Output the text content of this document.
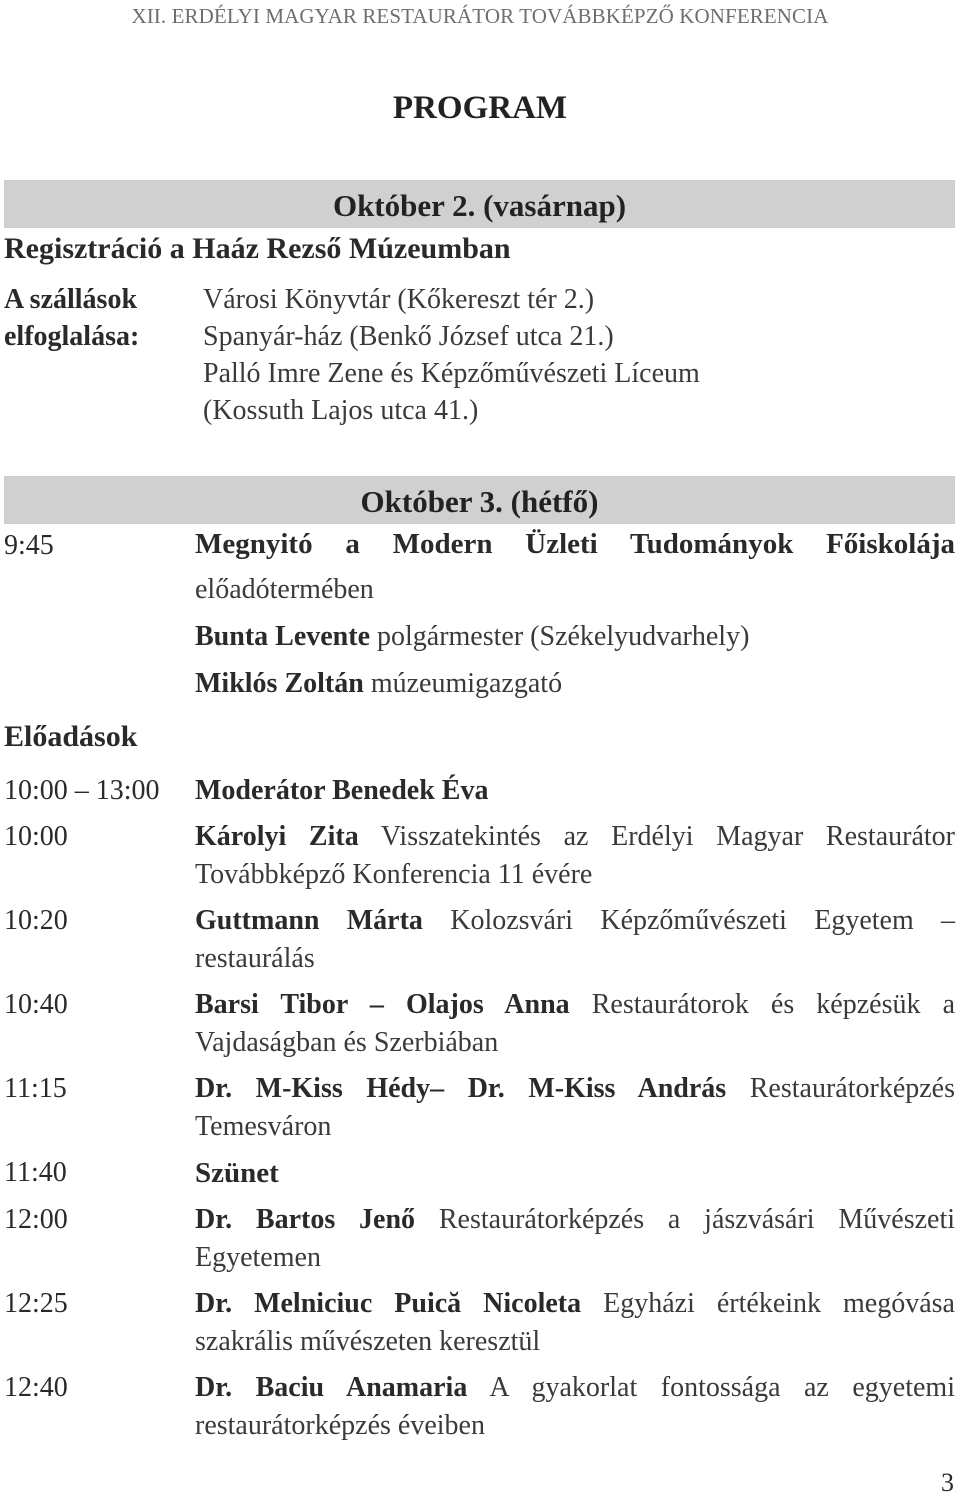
XII. ERDÉLYI MAGYAR RESTAURÁTOR TOVÁBBKÉPZŐ KONFERENCIA
PROGRAM
Október 2. (vasárnap)
Regisztráció a Haáz Rezső Múzeumban
A szállások
elfoglalása:
Városi Könyvtár (Kőkereszt tér 2.)
Spanyár-ház (Benkő József utca 21.)
Palló Imre Zene és Képzőművészeti Líceum
(Kossuth Lajos utca 41.)
Október 3. (hétfő)
9:45	Megnyitó a Modern Üzleti Tudományok Főiskolája
előadótermében
Bunta Levente polgármester (Székelyudvarhely)
Miklós Zoltán múzeumigazgató
Előadások
10:00 – 13:00 Moderátor Benedek Éva
10:00	Károlyi Zita Visszatekintés az Erdélyi Magyar Restaurátor Továbbképző Konferencia 11 évére
10:20	Guttmann Márta Kolozsvári Képzőművészeti Egyetem – restaurálás
10:40	Barsi Tibor – Olajos Anna Restaurátorok és képzésük a Vajdaságban és Szerbiában
11:15	Dr. M-Kiss Hédy– Dr. M-Kiss András Restaurátorképzés Temesváron
11:40	Szünet
12:00	Dr. Bartos Jenő Restaurátorképzés a jászvásári Művészeti Egyetemen
12:25	Dr. Melniciuc Puică Nicoleta Egyházi értékeink megóvása szakrális művészeten keresztül
12:40	Dr. Baciu Anamaria A gyakorlat fontossága az egyetemi restaurátorképzés éveiben
3
